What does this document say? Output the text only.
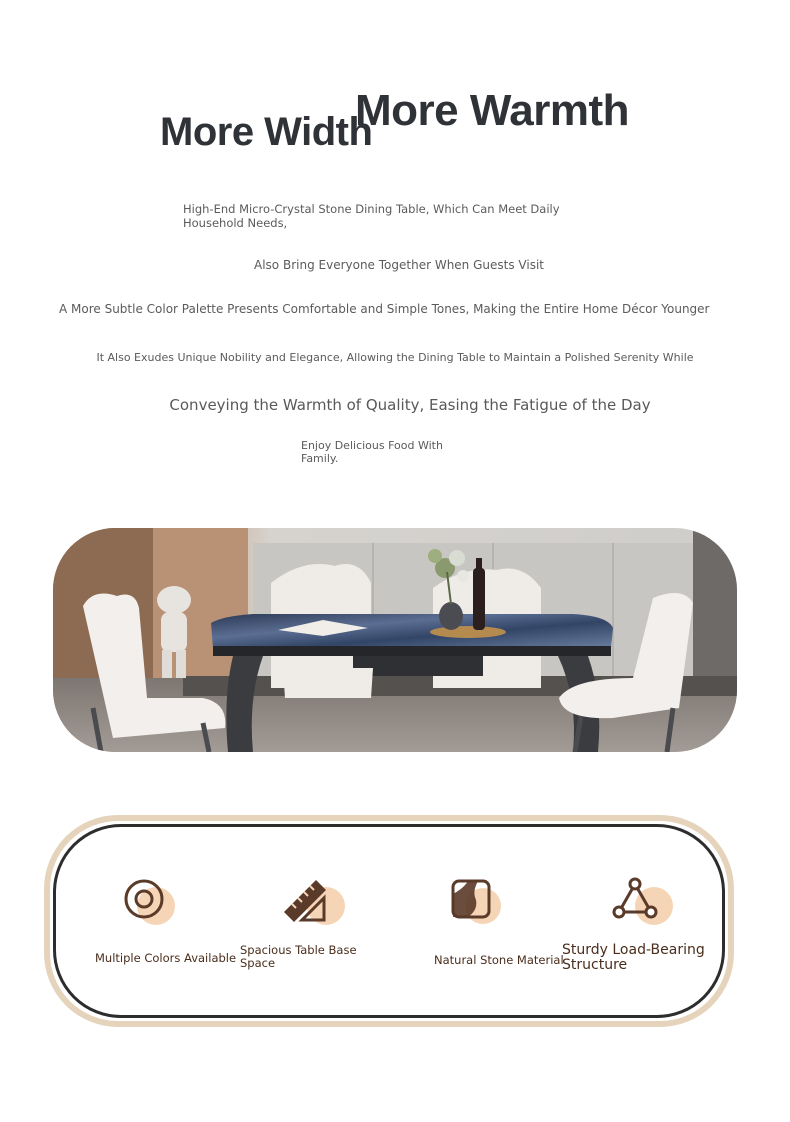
More Width
More Warmth
High-End Micro-Crystal Stone Dining Table, Which Can Meet Daily Household Needs,
Also Bring Everyone Together When Guests Visit
A More Subtle Color Palette Presents Comfortable and Simple Tones, Making the Entire Home Décor Younger
It Also Exudes Unique Nobility and Elegance, Allowing the Dining Table to Maintain a Polished Serenity While
Conveying the Warmth of Quality, Easing the Fatigue of the Day
Enjoy Delicious Food With Family.
Multiple Colors Available
Spacious Table Base Space	Natural Stone Material
Sturdy Load-Bearing Structure
